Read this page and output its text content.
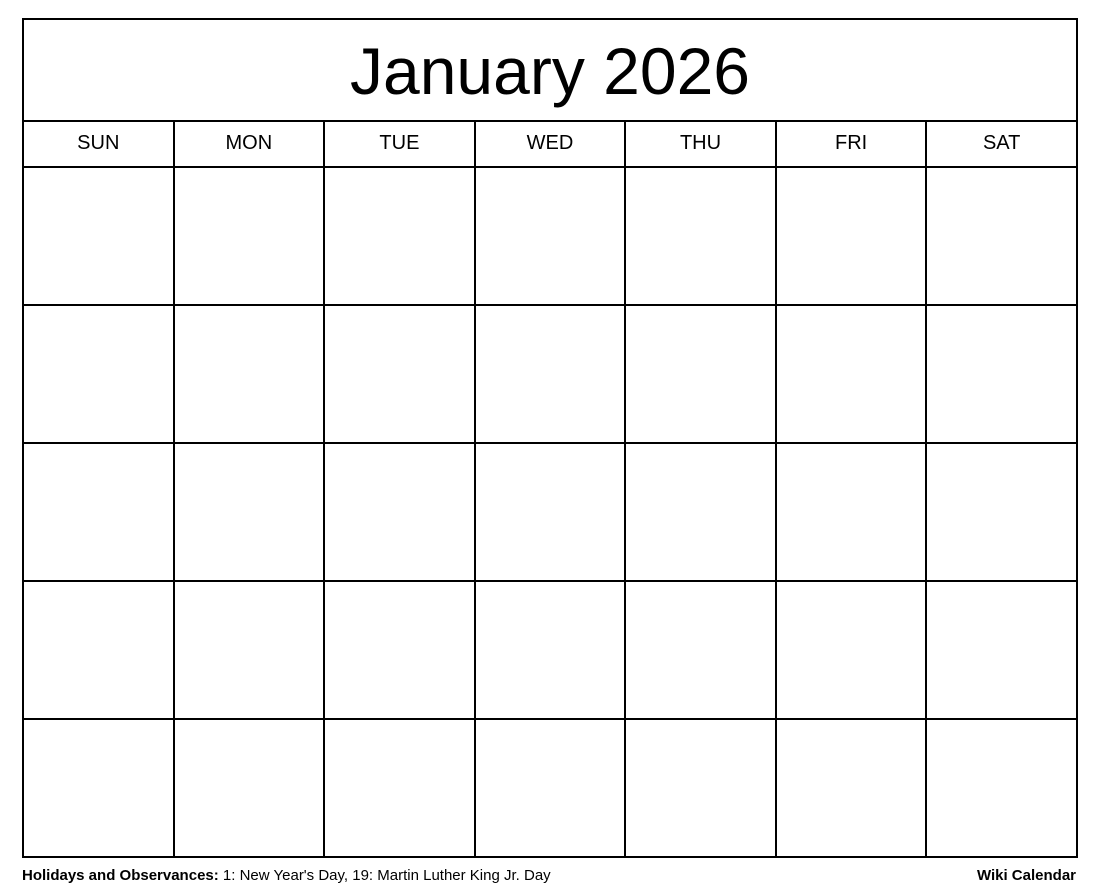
January 2026						

SUN	MON	TUE	WED	THU	FRI	SAT

Holidays and Observances: 1: New Year's Day, 19: Martin Luther King Jr. Day	Wiki Calendar
